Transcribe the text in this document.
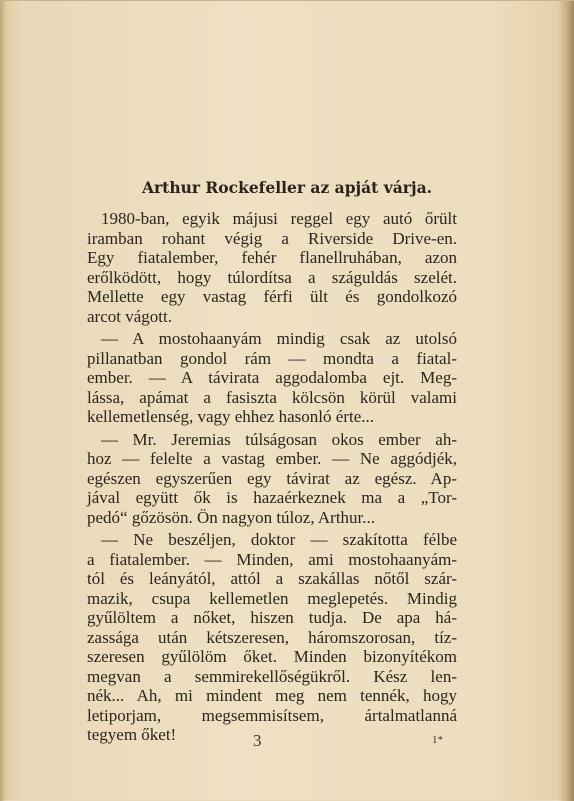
Arthur Rockefeller az apját várja.
1980-ban, egyik májusi reggel egy autó őrült
iramban rohant végig a Riverside Drive-en.
Egy fiatalember, fehér flanellruhában, azon
erőlködött, hogy túlordítsa a száguldás szelét.
Mellette egy vastag férfi ült és gondolkozó
arcot vágott.
— A mostohaanyám mindig csak az utolsó
pillanatban gondol rám — mondta a fiatal-
ember. — A távirata aggodalomba ejt. Meg-
lássa, apámat a fasiszta kölcsön körül valami
kellemetlenség, vagy ehhez hasonló érte...
— Mr. Jeremias túlságosan okos ember ah-
hoz — felelte a vastag ember. — Ne aggódjék,
egészen egyszerűen egy távirat az egész. Ap-
jával együtt ők is hazaérkeznek ma a „Tor-
pedó“ gőzösön. Ön nagyon túloz, Arthur...
— Ne beszéljen, doktor — szakította félbe
a fiatalember. — Minden, ami mostohaanyám-
tól és leányától, attól a szakállas nőtől szár-
mazik, csupa kellemetlen meglepetés. Mindig
gyűlöltem a nőket, hiszen tudja. De apa há-
zassága után kétszeresen, háromszorosan, tíz-
szeresen gyűlölöm őket. Minden bizonyítékom
megvan a semmirekellőségükről. Kész len-
nék... Ah, mi mindent meg nem tennék, hogy
letiporjam, megsemmisítsem, ártalmatlanná
tegyem őket!	3	1*
